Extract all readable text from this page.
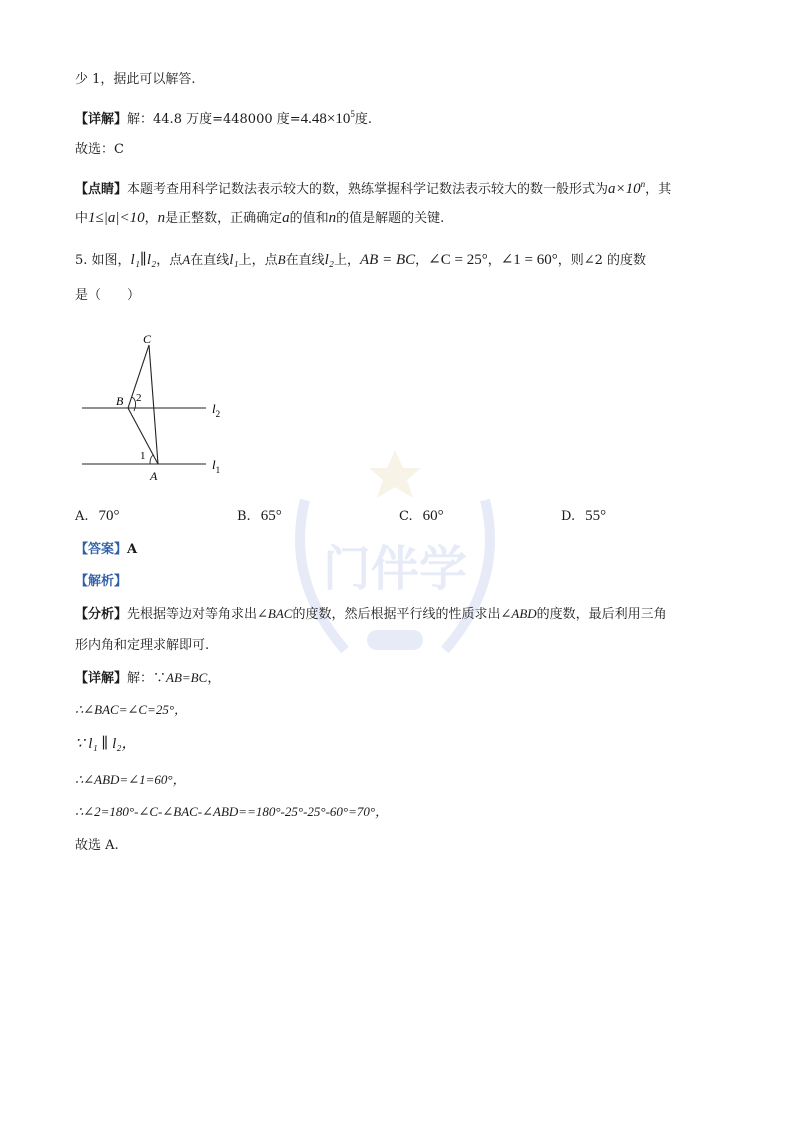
少 1，据此可以解答.
【详解】解：44.8 万度=448000 度$=4.48\times 10^5$度.
故选：C
【点睛】本题考查用科学记数法表示较大的数，熟练掌握科学记数法表示较大的数一般形式为$a\times 10^n$，其
中1≤|a|<10，n是正整数，正确确定a的值和n的值是解题的关键.
5. 如图，l₁∥l₂，点A在直线l₁上，点B在直线l₂上，AB = BC，∠C = 25°，∠1 = 60°，则∠2 的度数
是（　　）
C
B 2
1
A
$l_2$
$l_1$
门伴学
A. 70°	B. 65°	C. 60°	D. 55°
【答案】A
【解析】
【分析】先根据等边对等角求出∠BAC的度数，然后根据平行线的性质求出∠ABD的度数，最后利用三角
形内角和定理求解即可.
【详解】解：∵AB=BC，
∴∠BAC=∠C=25°，
∵ l₁ ∥ l₂，
∴∠ABD=∠1=60°，
∴∠2=180°-∠C-∠BAC-∠ABD==180°-25°-25°-60°=70°，
故选 A.
